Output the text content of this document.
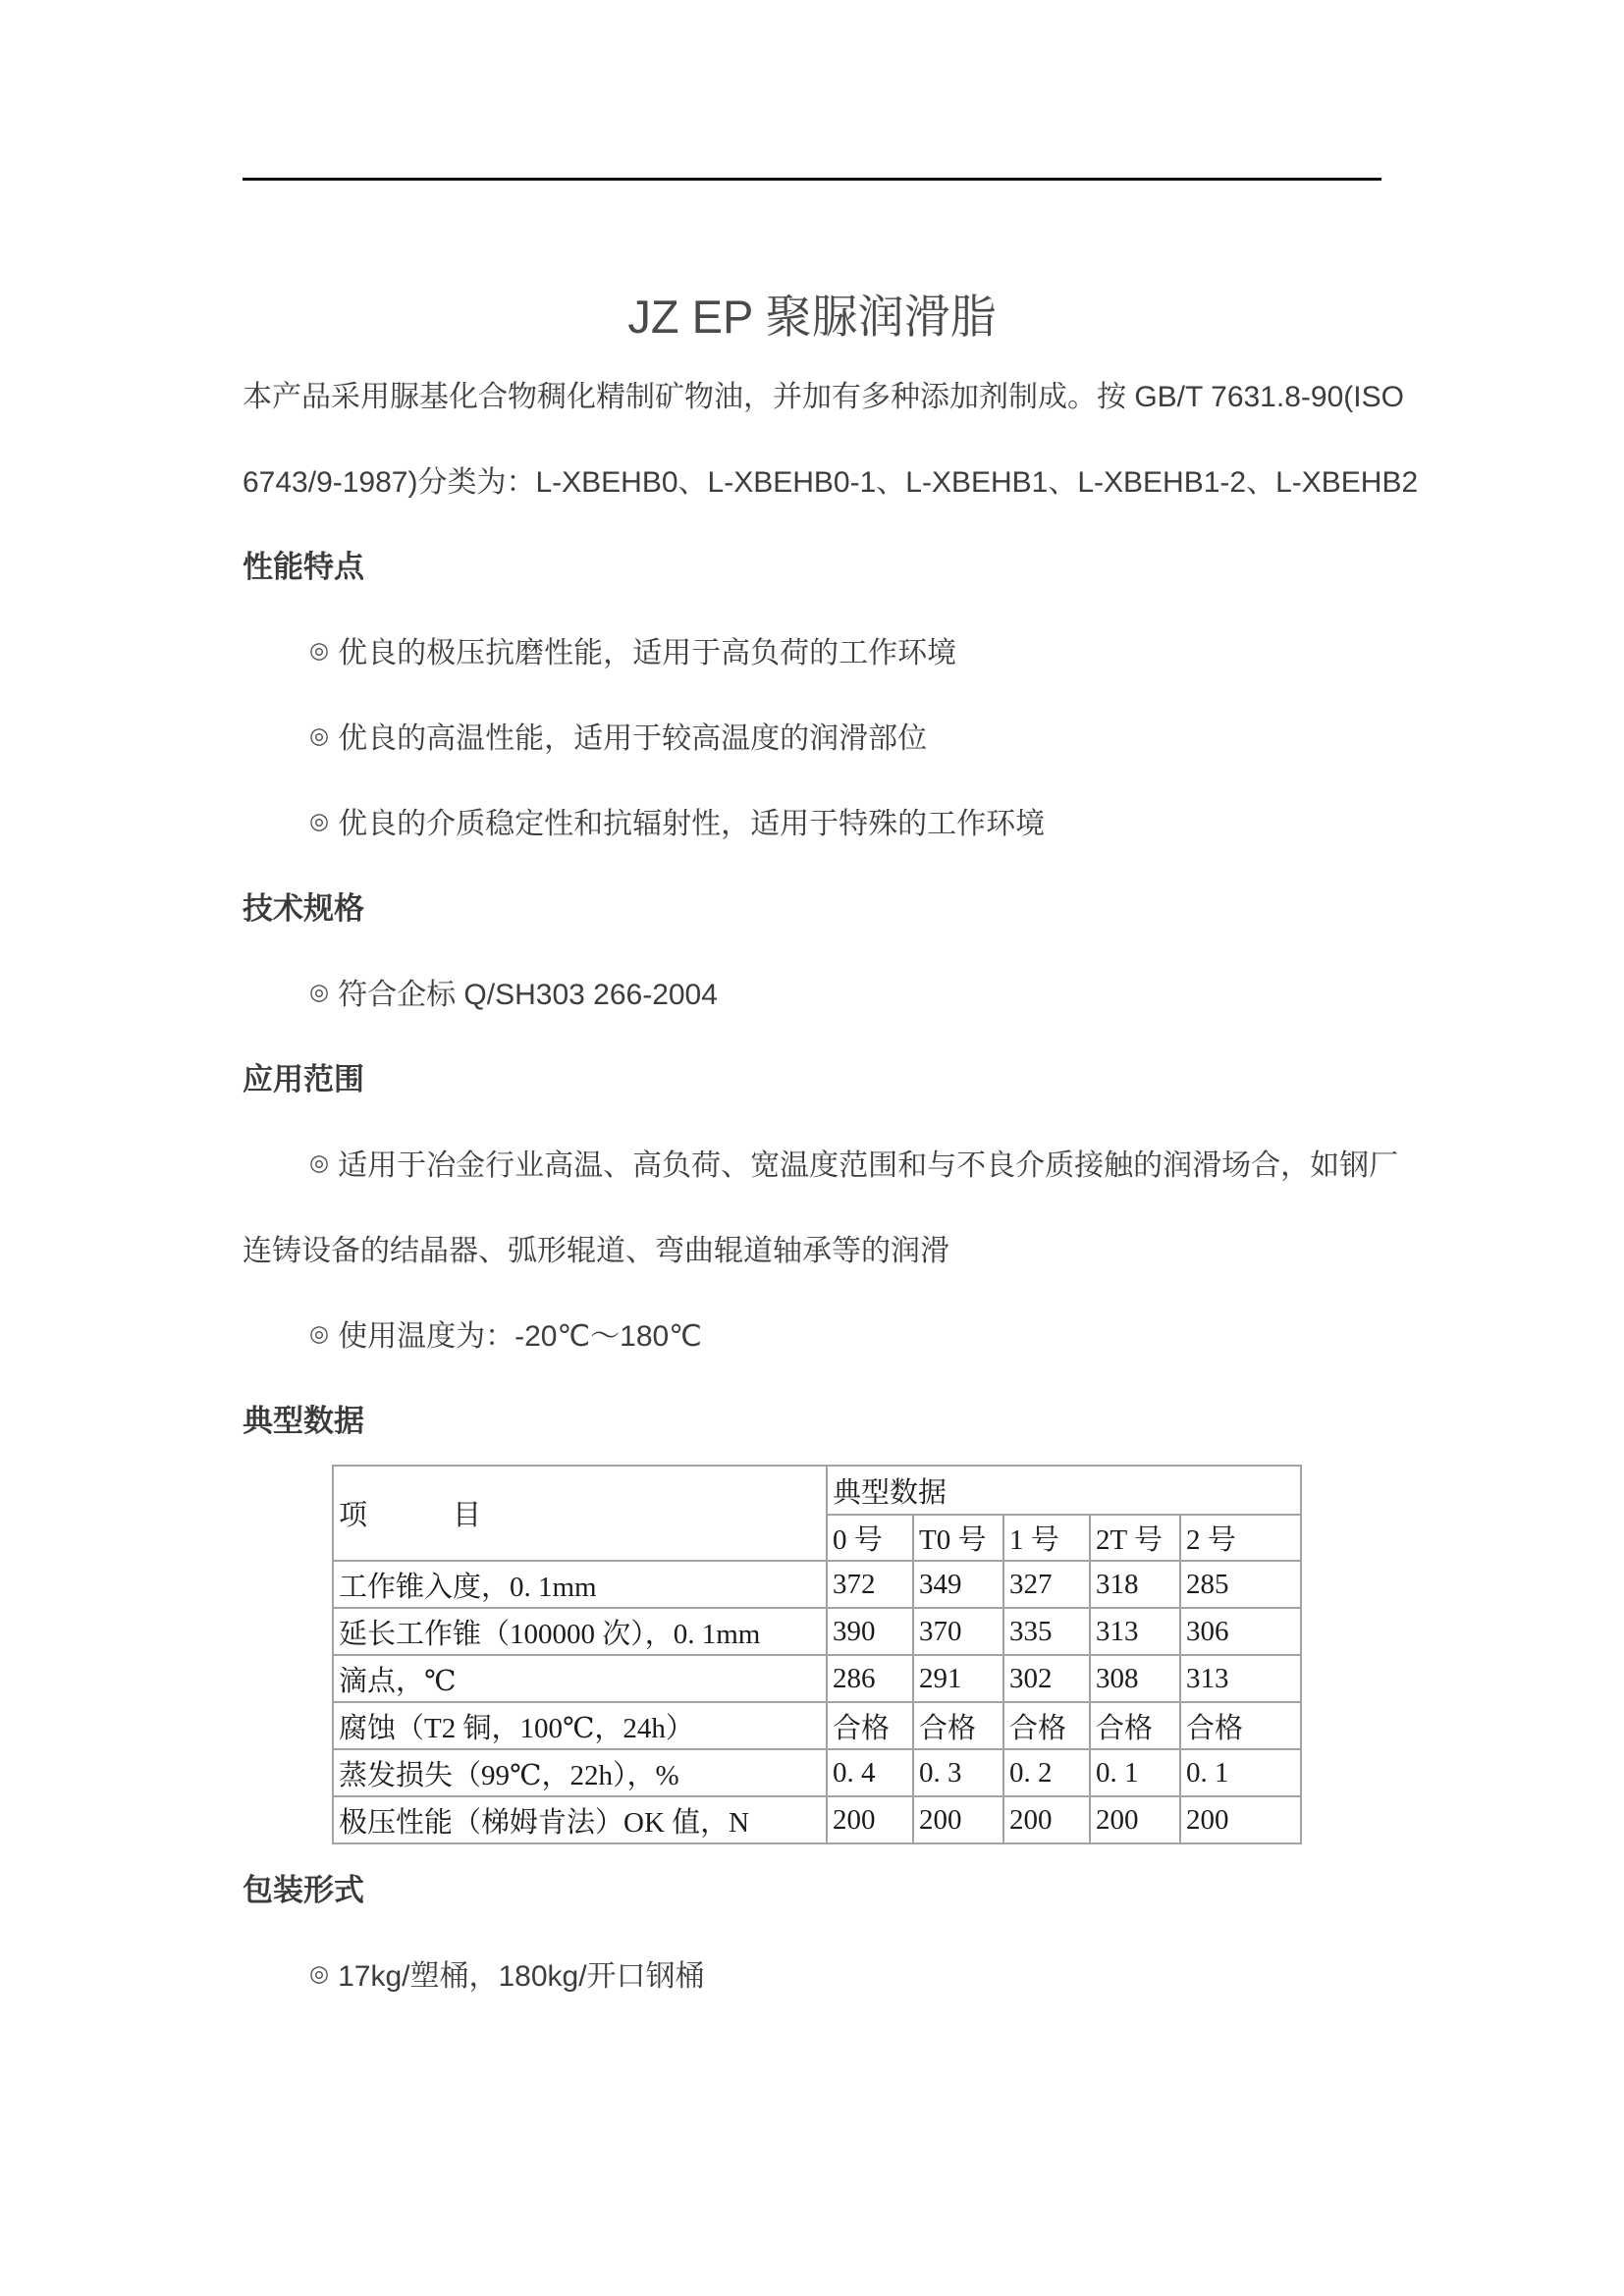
JZ EP 聚脲润滑脂
本产品采用脲基化合物稠化精制矿物油，并加有多种添加剂制成。按 GB/T 7631.8-90(ISO
6743/9-1987)分类为：L-XBEHB0、L-XBEHB0-1、L-XBEHB1、L-XBEHB1-2、L-XBEHB2
性能特点
◎ 优良的极压抗磨性能，适用于高负荷的工作环境
◎ 优良的高温性能，适用于较高温度的润滑部位
◎ 优良的介质稳定性和抗辐射性，适用于特殊的工作环境
技术规格
◎ 符合企标 Q/SH303 266-2004
应用范围
◎ 适用于冶金行业高温、高负荷、宽温度范围和与不良介质接触的润滑场合，如钢厂
连铸设备的结晶器、弧形辊道、弯曲辊道轴承等的润滑
◎ 使用温度为：-20℃～180℃
典型数据
项　　　目	典型数据				
	0 号	T0 号	1 号	2T 号	2 号
工作锥入度，0. 1mm	372	349	327	318	285
延长工作锥（100000 次），0. 1mm	390	370	335	313	306
滴点，℃	286	291	302	308	313
腐蚀（T2 铜，100℃，24h）	合格	合格	合格	合格	合格
蒸发损失（99℃，22h），%	0. 4	0. 3	0. 2	0. 1	0. 1
极压性能（梯姆肯法）OK 值，N	200	200	200	200	200
包装形式
◎ 17kg/塑桶，180kg/开口钢桶
